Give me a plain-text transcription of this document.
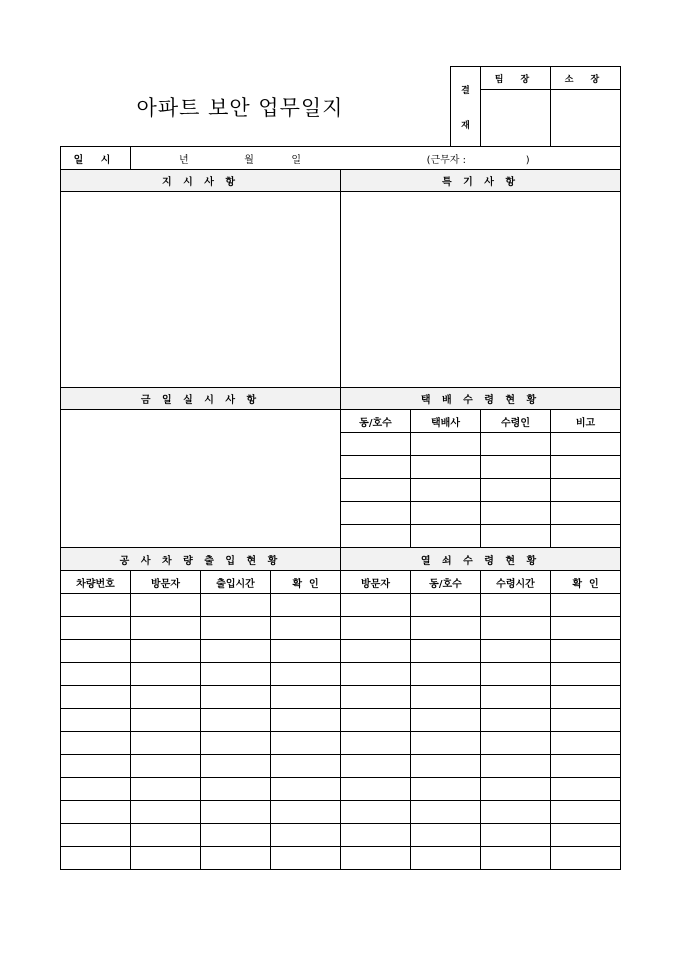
아파트 보안 업무일지
결
재	팀 장	소 장

일 시	년 월 일 (근무자 : )						
지 시 사 항				특 기 사 항			

금 일 실 시 사 항				택 배 수 령 현 황			
				동/호수	택배사	수령인	비고

공 사 차 량 출 입 현 황				열 쇠 수 령 현 황			
차량번호	방문자	출입시간	확  인	방문자	동/호수	수령시간	확  인
